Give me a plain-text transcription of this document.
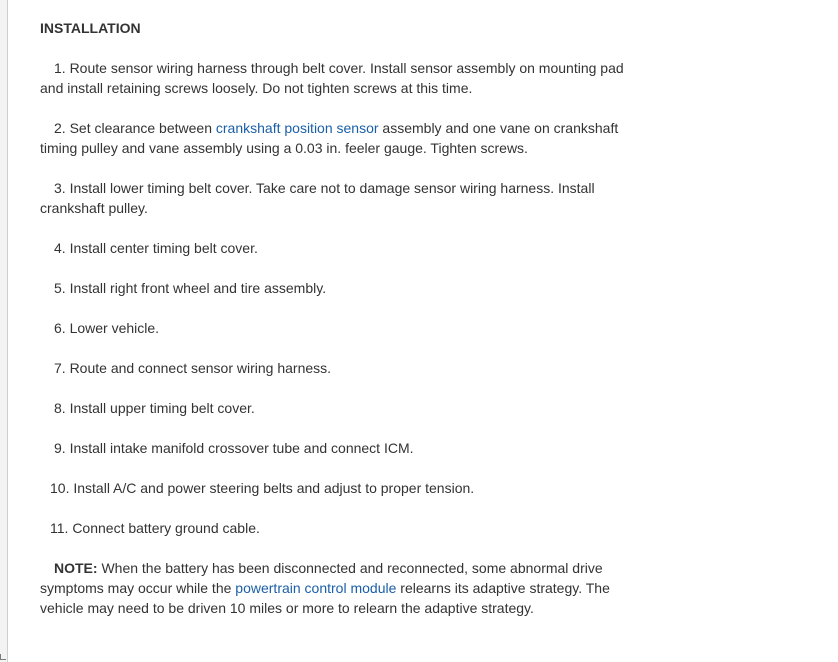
INSTALLATION

1. Route sensor wiring harness through belt cover. Install sensor assembly on mounting pad and install retaining screws loosely. Do not tighten screws at this time.

2. Set clearance between crankshaft position sensor assembly and one vane on crankshaft timing pulley and vane assembly using a 0.03 in. feeler gauge. Tighten screws.

3. Install lower timing belt cover. Take care not to damage sensor wiring harness. Install crankshaft pulley.

4. Install center timing belt cover.

5. Install right front wheel and tire assembly.

6. Lower vehicle.

7. Route and connect sensor wiring harness.

8. Install upper timing belt cover.

9. Install intake manifold crossover tube and connect ICM.

10. Install A/C and power steering belts and adjust to proper tension.

11. Connect battery ground cable.

NOTE: When the battery has been disconnected and reconnected, some abnormal drive symptoms may occur while the powertrain control module relearns its adaptive strategy. The vehicle may need to be driven 10 miles or more to relearn the adaptive strategy.
